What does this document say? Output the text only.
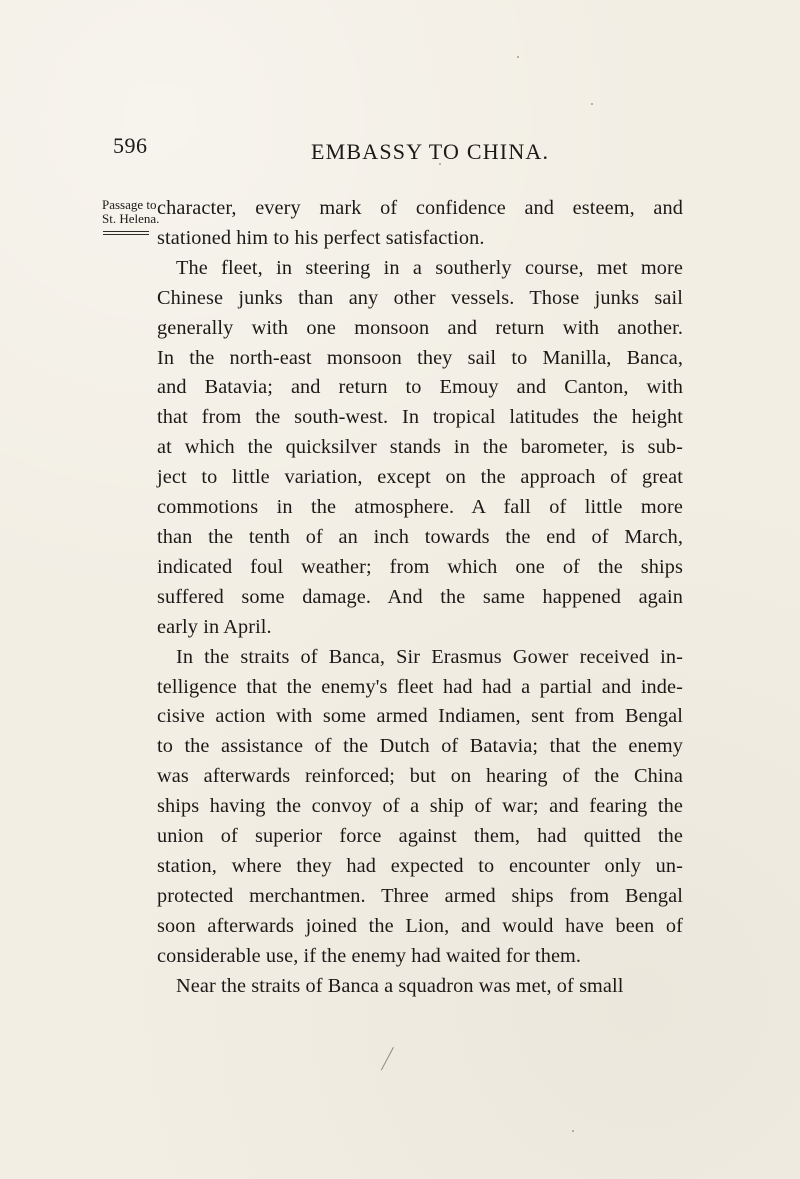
596	EMBASSY TO CHINA.
Passage to
St. Helena.
character, every mark of confidence and esteem, and
stationed him to his perfect satisfaction.
The fleet, in steering in a southerly course, met more
Chinese junks than any other vessels. Those junks sail
generally with one monsoon and return with another.
In the north-east monsoon they sail to Manilla, Banca,
and Batavia; and return to Emouy and Canton, with
that from the south-west. In tropical latitudes the height
at which the quicksilver stands in the barometer, is sub-
ject to little variation, except on the approach of great
commotions in the atmosphere. A fall of little more
than the tenth of an inch towards the end of March,
indicated foul weather; from which one of the ships
suffered some damage. And the same happened again
early in April.
In the straits of Banca, Sir Erasmus Gower received in-
telligence that the enemy's fleet had had a partial and inde-
cisive action with some armed Indiamen, sent from Bengal
to the assistance of the Dutch of Batavia; that the enemy
was afterwards reinforced; but on hearing of the China
ships having the convoy of a ship of war; and fearing the
union of superior force against them, had quitted the
station, where they had expected to encounter only un-
protected merchantmen. Three armed ships from Bengal
soon afterwards joined the Lion, and would have been of
considerable use, if the enemy had waited for them.
Near the straits of Banca a squadron was met, of small
